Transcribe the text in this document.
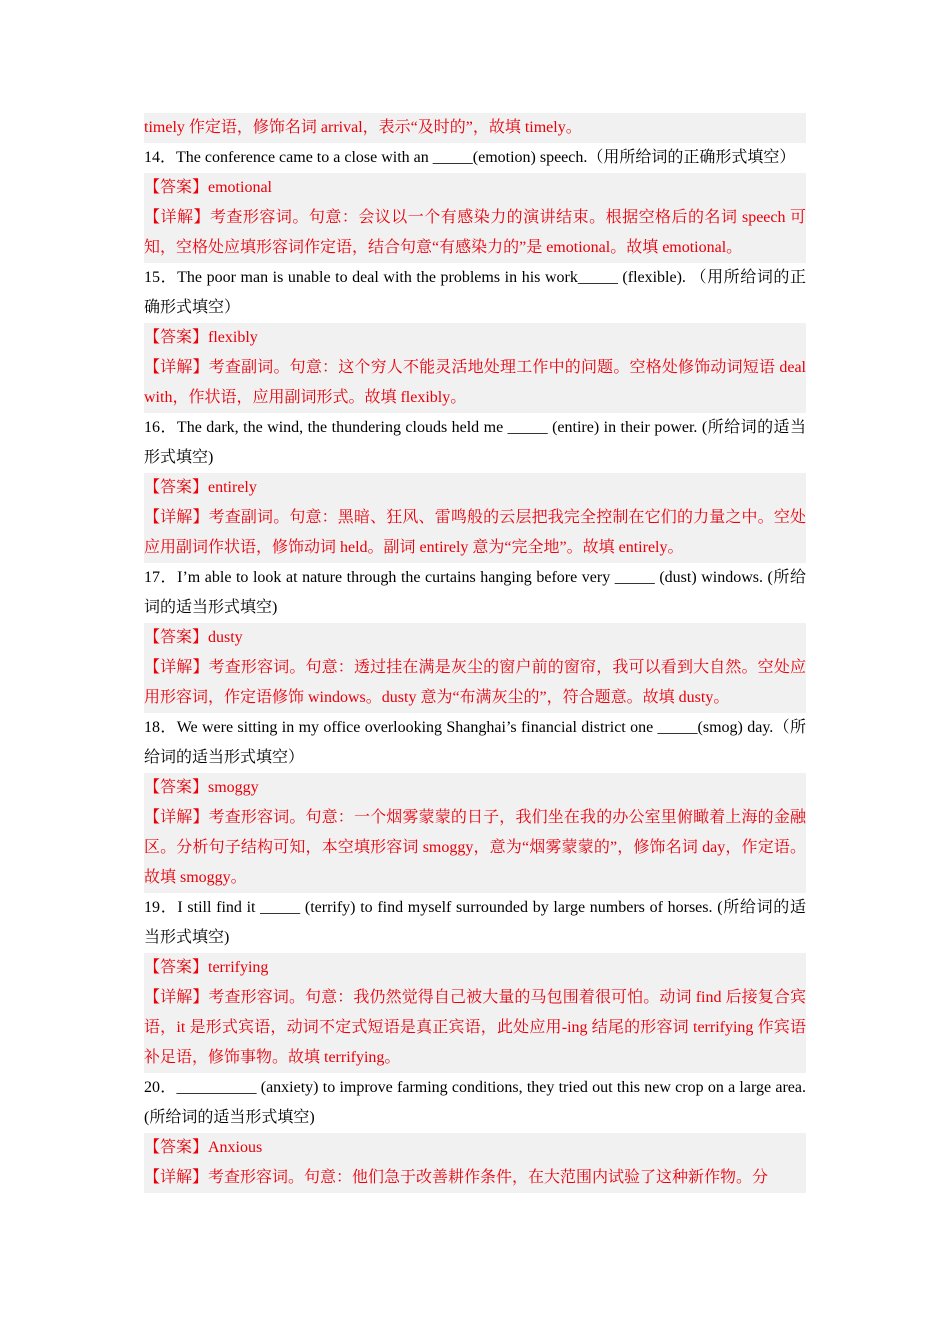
timely 作定语，修饰名词 arrival，表示“及时的”，故填 timely。

14．The conference came to a close with an _____(emotion) speech.（用所给词的正确形式填空）

【答案】emotional

【详解】考查形容词。句意：会议以一个有感染力的演讲结束。根据空格后的名词 speech 可知，空格处应填形容词作定语，结合句意“有感染力的”是 emotional。故填 emotional。

15．The poor man is unable to deal with the problems in his work_____ (flexible). （用所给词的正确形式填空）

【答案】flexibly

【详解】考查副词。句意：这个穷人不能灵活地处理工作中的问题。空格处修饰动词短语 deal with，作状语，应用副词形式。故填 flexibly。

16．The dark, the wind, the thundering clouds held me _____ (entire) in their power. (所给词的适当形式填空)

【答案】entirely

【详解】考查副词。句意：黑暗、狂风、雷鸣般的云层把我完全控制在它们的力量之中。空处应用副词作状语，修饰动词 held。副词 entirely 意为“完全地”。故填 entirely。

17．I’m able to look at nature through the curtains hanging before very _____ (dust) windows. (所给词的适当形式填空)

【答案】dusty

【详解】考查形容词。句意：透过挂在满是灰尘的窗户前的窗帘，我可以看到大自然。空处应用形容词，作定语修饰 windows。dusty 意为“布满灰尘的”，符合题意。故填 dusty。

18．We were sitting in my office overlooking Shanghai’s financial district one _____(smog) day.（所给词的适当形式填空）

【答案】smoggy

【详解】考查形容词。句意：一个烟雾蒙蒙的日子，我们坐在我的办公室里俯瞰着上海的金融区。分析句子结构可知，本空填形容词 smoggy，意为“烟雾蒙蒙的”，修饰名词 day，作定语。故填 smoggy。

19．I still find it _____ (terrify) to find myself surrounded by large numbers of horses. (所给词的适当形式填空)

【答案】terrifying

【详解】考查形容词。句意：我仍然觉得自己被大量的马包围着很可怕。动词 find 后接复合宾语，it 是形式宾语，动词不定式短语是真正宾语，此处应用-ing 结尾的形容词 terrifying 作宾语补足语，修饰事物。故填 terrifying。

20．__________ (anxiety) to improve farming conditions, they tried out this new crop on a large area. (所给词的适当形式填空)

【答案】Anxious

【详解】考查形容词。句意：他们急于改善耕作条件，在大范围内试验了这种新作物。分
